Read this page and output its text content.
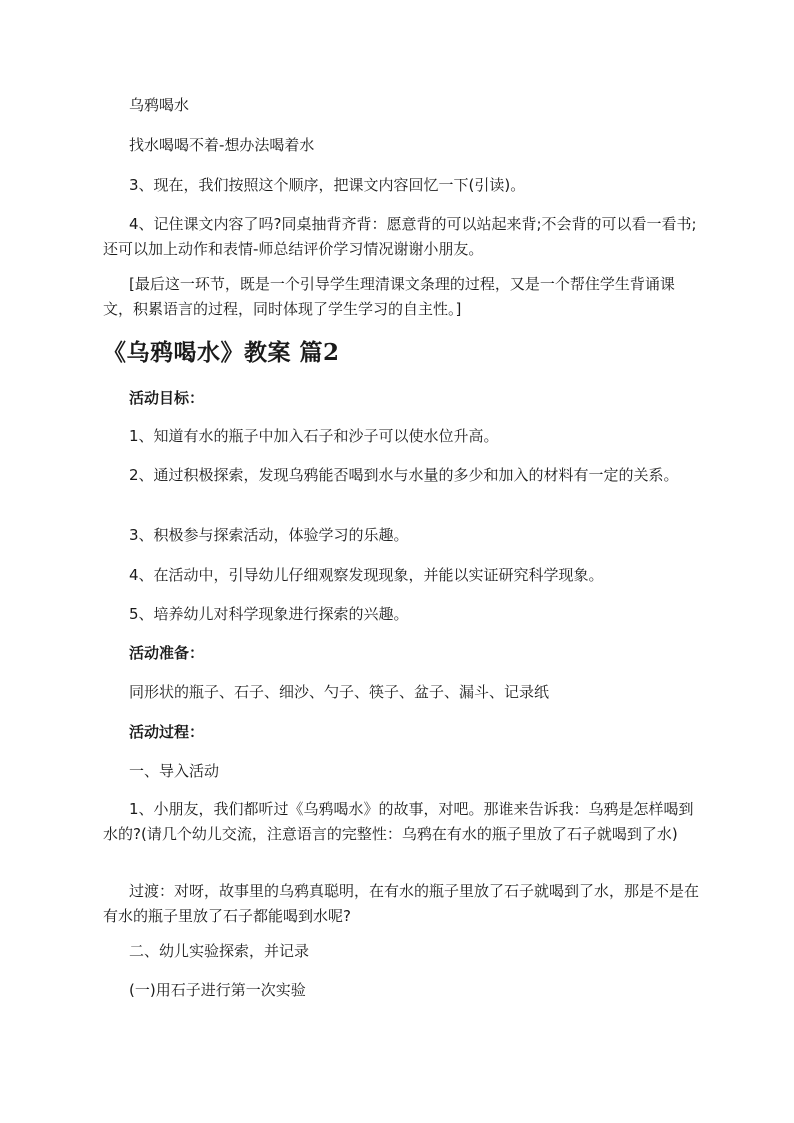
乌鸦喝水

找水喝喝不着-想办法喝着水

3、现在，我们按照这个顺序，把课文内容回忆一下(引读)。

4、记住课文内容了吗?同桌抽背齐背：愿意背的可以站起来背;不会背的可以看一看书;还可以加上动作和表情-师总结评价学习情况谢谢小朋友。

[最后这一环节，既是一个引导学生理清课文条理的过程，又是一个帮住学生背诵课文，积累语言的过程，同时体现了学生学习的自主性。]

《乌鸦喝水》教案 篇2

活动目标：

1、知道有水的瓶子中加入石子和沙子可以使水位升高。

2、通过积极探索，发现乌鸦能否喝到水与水量的多少和加入的材料有一定的关系。

3、积极参与探索活动，体验学习的乐趣。

4、在活动中，引导幼儿仔细观察发现现象，并能以实证研究科学现象。

5、培养幼儿对科学现象进行探索的兴趣。

活动准备：

同形状的瓶子、石子、细沙、勺子、筷子、盆子、漏斗、记录纸

活动过程：

一、导入活动

1、小朋友，我们都听过《乌鸦喝水》的故事，对吧。那谁来告诉我：乌鸦是怎样喝到水的?(请几个幼儿交流，注意语言的完整性：乌鸦在有水的瓶子里放了石子就喝到了水)

过渡：对呀，故事里的乌鸦真聪明，在有水的瓶子里放了石子就喝到了水，那是不是在有水的瓶子里放了石子都能喝到水呢?

二、幼儿实验探索，并记录

(一)用石子进行第一次实验
